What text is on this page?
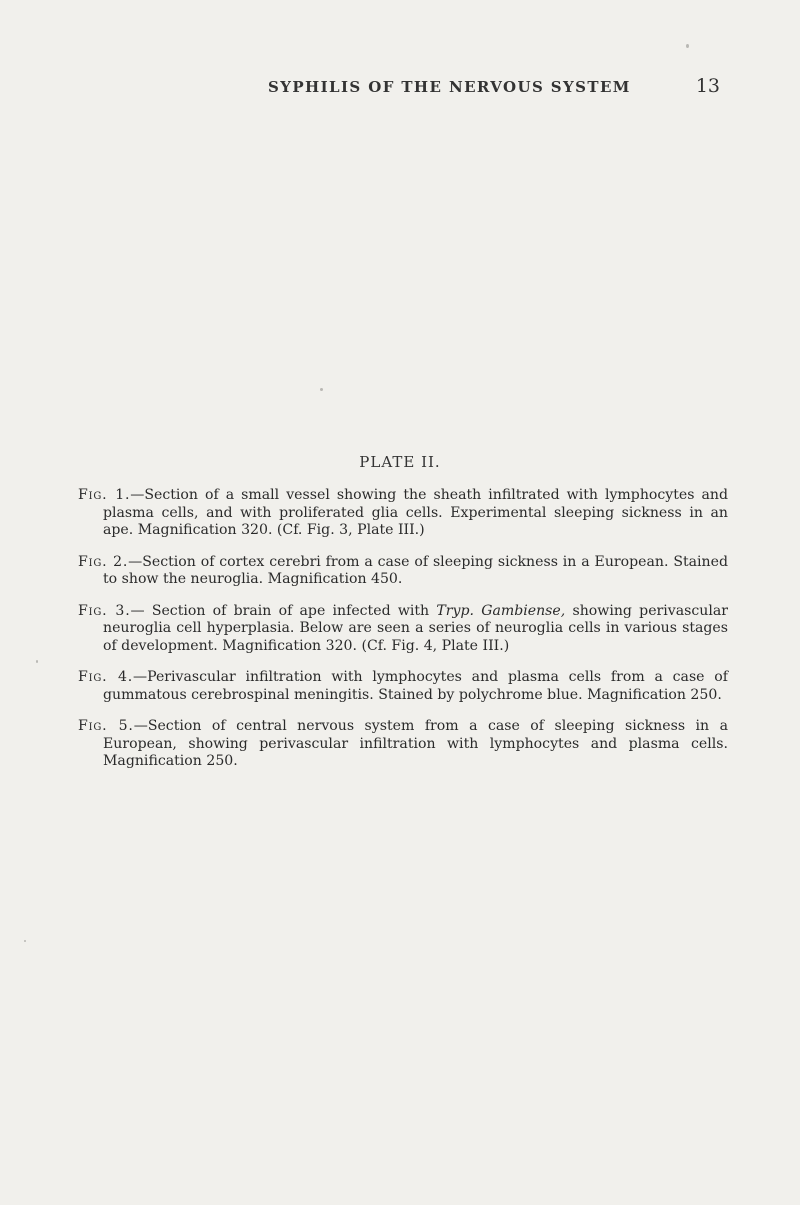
SYPHILIS OF THE NERVOUS SYSTEM	13
PLATE II.
Fig. 1.—Section of a small vessel showing the sheath infiltrated with lymphocytes and plasma cells, and with proliferated glia cells. Experimental sleeping sickness in an ape. Magnification 320. (Cf. Fig. 3, Plate III.)
Fig. 2.—Section of cortex cerebri from a case of sleeping sickness in a European. Stained to show the neuroglia. Magnification 450.
Fig. 3.— Section of brain of ape infected with Tryp. Gambiense, showing perivascular neuroglia cell hyperplasia. Below are seen a series of neuroglia cells in various stages of development. Magnification 320. (Cf. Fig. 4, Plate III.)
Fig. 4.—Perivascular infiltration with lymphocytes and plasma cells from a case of gummatous cerebrospinal meningitis. Stained by polychrome blue. Magnification 250.
Fig. 5.—Section of central nervous system from a case of sleeping sickness in a European, showing perivascular infiltration with lymphocytes and plasma cells. Magnification 250.
